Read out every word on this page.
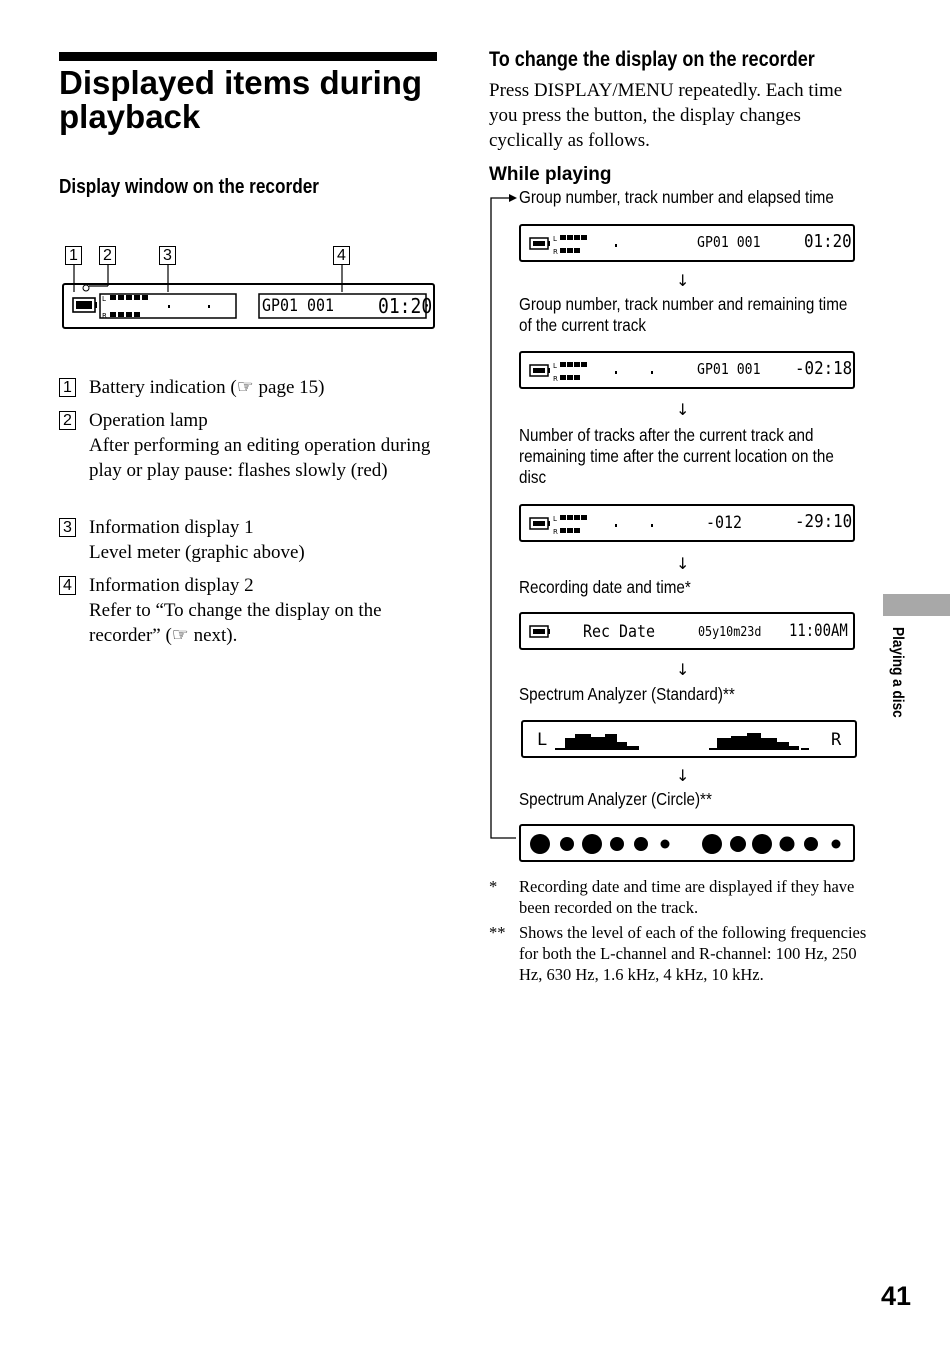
Displayed items during playback
Display window on the recorder
1 2	3	4
L
R	GP01 001 01:20
1 Battery indication (☞ page 15)
2 Operation lamp
After performing an editing operation during play or play pause: flashes slowly (red)
3 Information display 1
Level meter (graphic above)
4 Information display 2
Refer to “To change the display on the recorder” (☞ next).
To change the display on the recorder
Press DISPLAY/MENU repeatedly. Each time you press the button, the display changes cyclically as follows.
While playing
Group number, track number and elapsed time
L
R
GP01 001 01:20
↓
Group number, track number and remaining time of the current track
L
R
GP01 001 -02:18
↓
Number of tracks after the current track and remaining time after the current location on the disc
L
R	-012	-29:10
↓
Recording date and time*
Rec Date	05y10m23d 11:00AM
↓
Spectrum Analyzer (Standard)**
L	R
↓
Spectrum Analyzer (Circle)**
* Recording date and time are displayed if they have been recorded on the track.
** Shows the level of each of the following frequencies for both the L-channel and R-channel: 100 Hz, 250 Hz, 630 Hz, 1.6 kHz, 4 kHz, 10 kHz.
Playing a disc
41
